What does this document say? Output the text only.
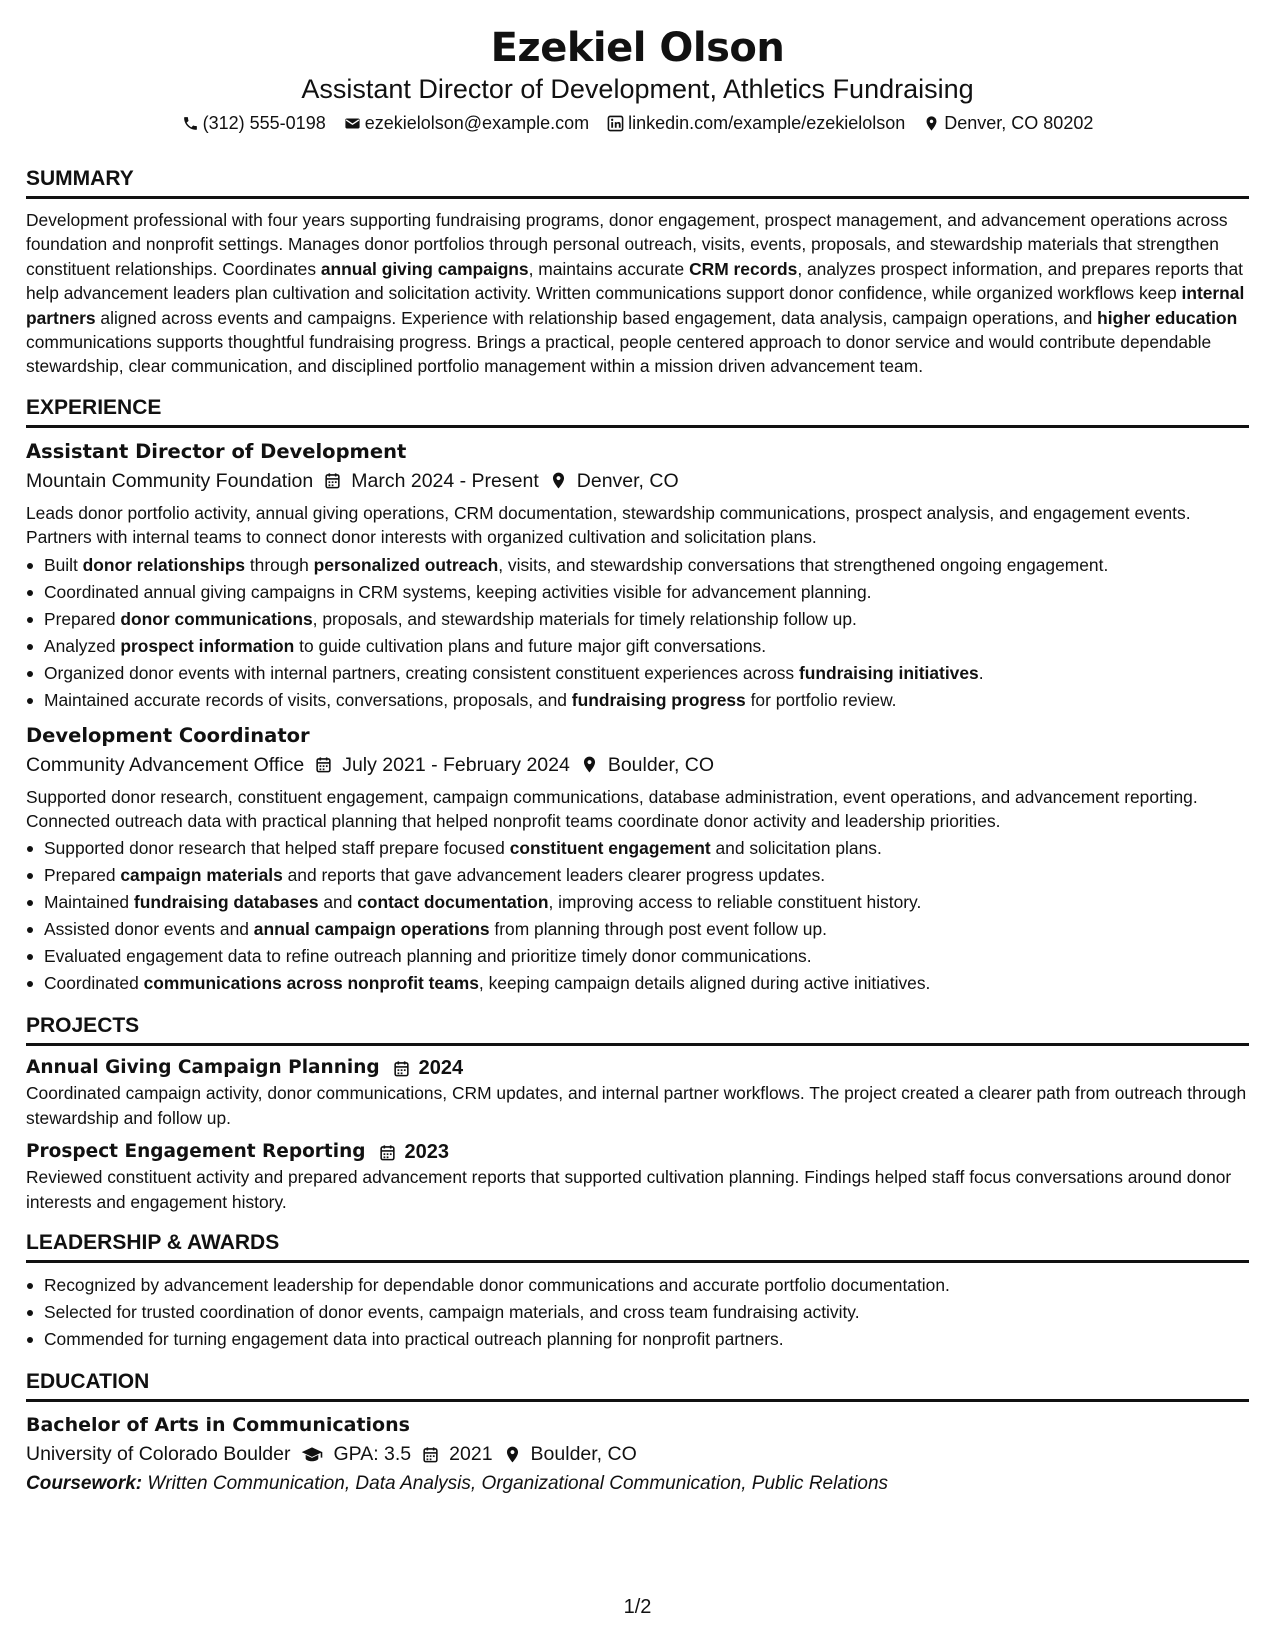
Ezekiel Olson
Assistant Director of Development, Athletics Fundraising
(312) 555-0198 ezekielolson@example.com linkedin.com/example/ezekielolson Denver, CO 80202
SUMMARY
Development professional with four years supporting fundraising programs, donor engagement, prospect management, and advancement operations across foundation and nonprofit settings. Manages donor portfolios through personal outreach, visits, events, proposals, and stewardship materials that strengthen constituent relationships. Coordinates annual giving campaigns, maintains accurate CRM records, analyzes prospect information, and prepares reports that help advancement leaders plan cultivation and solicitation activity. Written communications support donor confidence, while organized workflows keep internal partners aligned across events and campaigns. Experience with relationship based engagement, data analysis, campaign operations, and higher education communications supports thoughtful fundraising progress. Brings a practical, people centered approach to donor service and would contribute dependable stewardship, clear communication, and disciplined portfolio management within a mission driven advancement team.
EXPERIENCE
Assistant Director of Development
Mountain Community Foundation March 2024 - Present Denver, CO
Leads donor portfolio activity, annual giving operations, CRM documentation, stewardship communications, prospect analysis, and engagement events. Partners with internal teams to connect donor interests with organized cultivation and solicitation plans.
Built donor relationships through personalized outreach, visits, and stewardship conversations that strengthened ongoing engagement.
Coordinated annual giving campaigns in CRM systems, keeping activities visible for advancement planning.
Prepared donor communications, proposals, and stewardship materials for timely relationship follow up.
Analyzed prospect information to guide cultivation plans and future major gift conversations.
Organized donor events with internal partners, creating consistent constituent experiences across fundraising initiatives.
Maintained accurate records of visits, conversations, proposals, and fundraising progress for portfolio review.
Development Coordinator
Community Advancement Office July 2021 - February 2024 Boulder, CO
Supported donor research, constituent engagement, campaign communications, database administration, event operations, and advancement reporting. Connected outreach data with practical planning that helped nonprofit teams coordinate donor activity and leadership priorities.
Supported donor research that helped staff prepare focused constituent engagement and solicitation plans.
Prepared campaign materials and reports that gave advancement leaders clearer progress updates.
Maintained fundraising databases and contact documentation, improving access to reliable constituent history.
Assisted donor events and annual campaign operations from planning through post event follow up.
Evaluated engagement data to refine outreach planning and prioritize timely donor communications.
Coordinated communications across nonprofit teams, keeping campaign details aligned during active initiatives.
PROJECTS
Annual Giving Campaign Planning 2024
Coordinated campaign activity, donor communications, CRM updates, and internal partner workflows. The project created a clearer path from outreach through stewardship and follow up.
Prospect Engagement Reporting 2023
Reviewed constituent activity and prepared advancement reports that supported cultivation planning. Findings helped staff focus conversations around donor interests and engagement history.
LEADERSHIP & AWARDS
Recognized by advancement leadership for dependable donor communications and accurate portfolio documentation.
Selected for trusted coordination of donor events, campaign materials, and cross team fundraising activity.
Commended for turning engagement data into practical outreach planning for nonprofit partners.
EDUCATION
Bachelor of Arts in Communications
University of Colorado Boulder GPA: 3.5 2021 Boulder, CO
Coursework: Written Communication, Data Analysis, Organizational Communication, Public Relations
1/2
